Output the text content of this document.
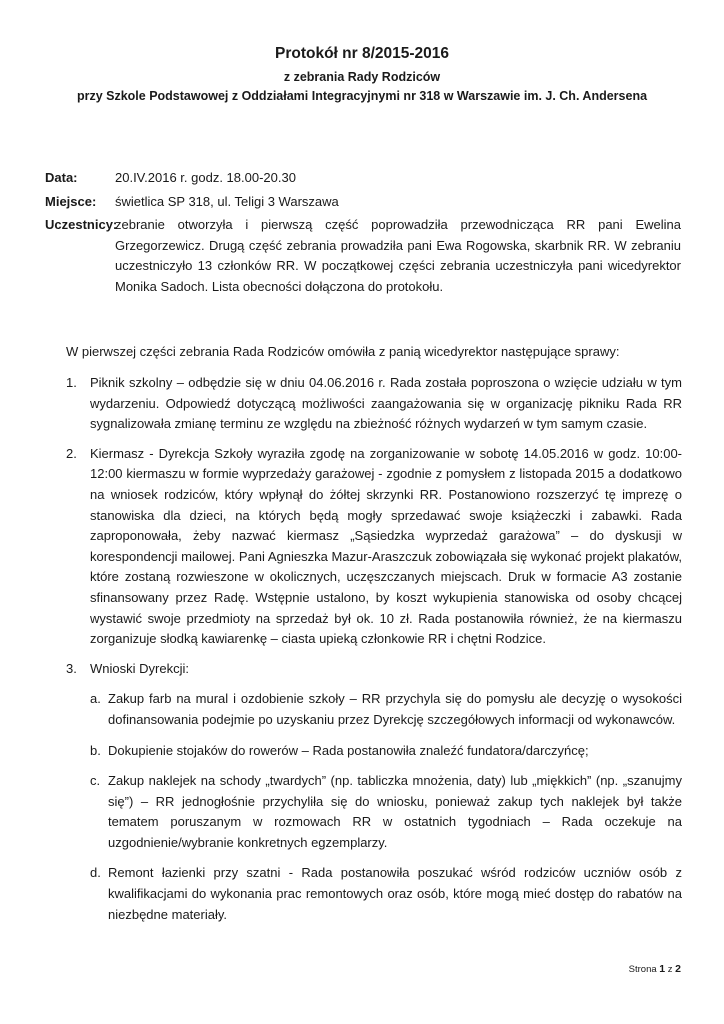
Protokół nr 8/2015-2016

z zebrania Rady Rodziców

przy Szkole Podstawowej z Oddziałami Integracyjnymi nr 318 w Warszawie im. J. Ch. Andersena

Data:	20.IV.2016 r. godz. 18.00-20.30
Miejsce:	świetlica SP 318, ul. Teligi 3 Warszawa
Uczestnicy:
zebranie otworzyła i pierwszą część poprowadziła przewodnicząca RR pani Ewelina Grzegorzewicz. Drugą część zebrania prowadziła pani Ewa Rogowska, skarbnik RR. W zebraniu uczestniczyło 13 członków RR. W początkowej części zebrania uczestniczyła pani wicedyrektor Monika Sadoch. Lista obecności dołączona do protokołu.
W pierwszej części zebrania Rada Rodziców omówiła z panią wicedyrektor następujące sprawy:
1.	Piknik szkolny – odbędzie się w dniu 04.06.2016 r. Rada została poproszona o wzięcie udziału w tym wydarzeniu. Odpowiedź dotyczącą możliwości zaangażowania się w organizację pikniku Rada RR sygnalizowała zmianę terminu ze względu na zbieżność różnych wydarzeń w tym samym czasie.
2.	Kiermasz - Dyrekcja Szkoły wyraziła zgodę na zorganizowanie w sobotę 14.05.2016 w godz. 10:00-12:00 kiermaszu w formie wyprzedaży garażowej - zgodnie z pomysłem z listopada 2015 a dodatkowo na wniosek rodziców, który wpłynął do żółtej skrzynki RR. Postanowiono rozszerzyć tę imprezę o stanowiska dla dzieci, na których będą mogły sprzedawać swoje książeczki i zabawki. Rada zaproponowała, żeby nazwać kiermasz „Sąsiedzka wyprzedaż garażowa” – do dyskusji w korespondencji mailowej. Pani Agnieszka Mazur-Araszczuk zobowiązała się wykonać projekt plakatów, które zostaną rozwieszone w okolicznych, uczęszczanych miejscach. Druk w formacie A3 zostanie sfinansowany przez Radę. Wstępnie ustalono, by koszt wykupienia stanowiska od osoby chcącej wystawić swoje przedmioty na sprzedaż był ok. 10 zł. Rada postanowiła również, że na kiermaszu zorganizuje słodką kawiarenkę – ciasta upieką członkowie RR i chętni Rodzice.
3.	Wnioski Dyrekcji:
a. Zakup farb na mural i ozdobienie szkoły – RR przychyla się do pomysłu ale decyzję o wysokości dofinansowania podejmie po uzyskaniu przez Dyrekcję szczegółowych informacji od wykonawców.
b. Dokupienie stojaków do rowerów – Rada postanowiła znaleźć fundatora/darczyńcę;
c. Zakup naklejek na schody „twardych” (np. tabliczka mnożenia, daty) lub „miękkich” (np. „szanujmy się”) – RR jednogłośnie przychyliła się do wniosku, ponieważ zakup tych naklejek był także tematem poruszanym w rozmowach RR w ostatnich tygodniach – Rada oczekuje na uzgodnienie/wybranie konkretnych egzemplarzy.
d. Remont łazienki przy szatni - Rada postanowiła poszukać wśród rodziców uczniów osób z kwalifikacjami do wykonania prac remontowych oraz osób, które mogą mieć dostęp do rabatów na niezbędne materiały.
Strona 1 z 2
